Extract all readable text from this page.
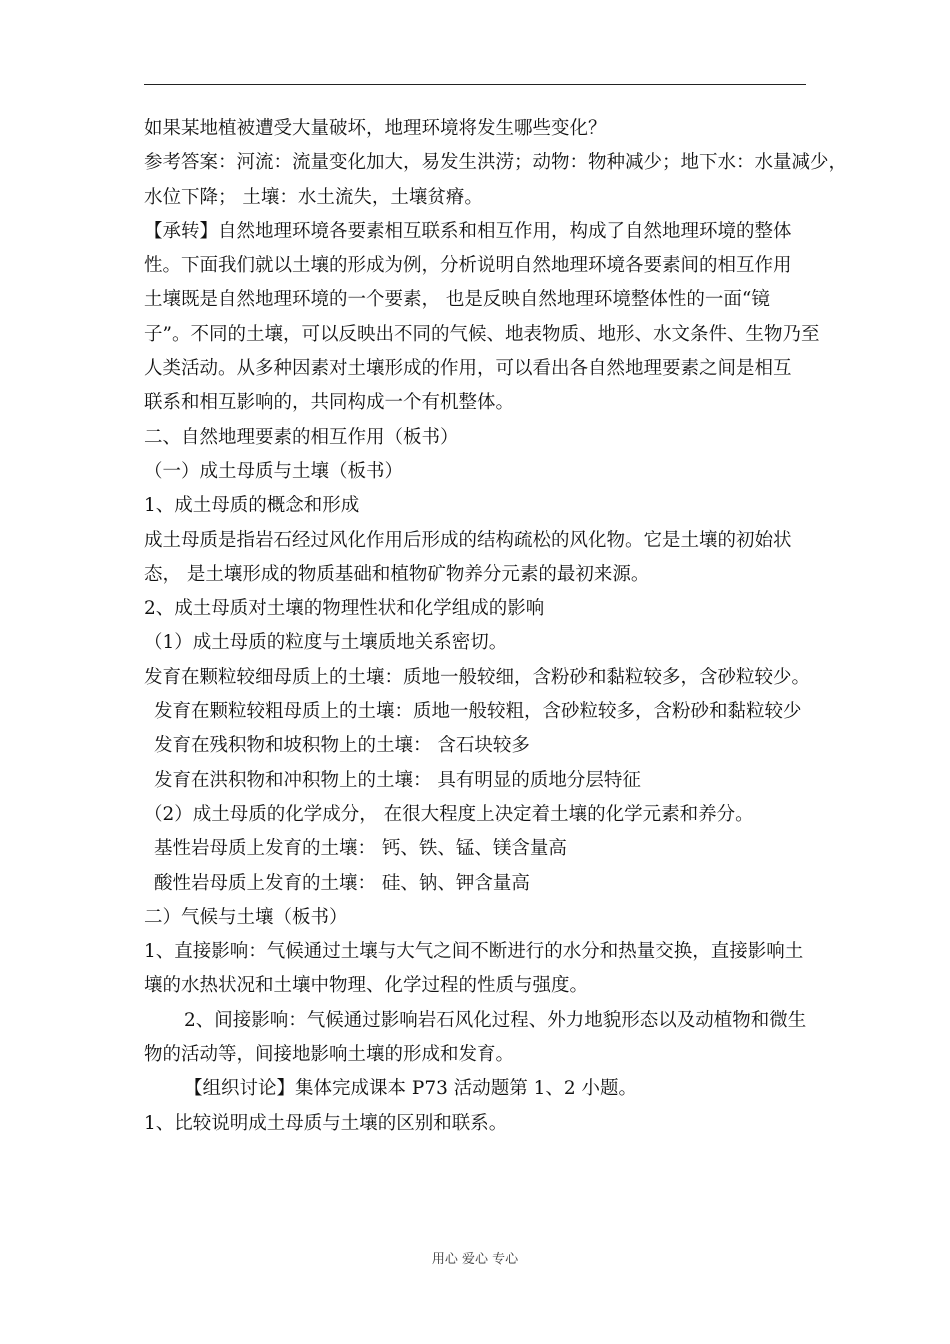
如果某地植被遭受大量破坏，地理环境将发生哪些变化？
参考答案：河流：流量变化加大，易发生洪涝；动物：物种减少；地下水：水量减少，
水位下降； 土壤：水土流失，土壤贫瘠。
【承转】自然地理环境各要素相互联系和相互作用，构成了自然地理环境的整体
性。下面我们就以土壤的形成为例，分析说明自然地理环境各要素间的相互作用
土壤既是自然地理环境的一个要素， 也是反映自然地理环境整体性的一面“镜
子”。不同的土壤，可以反映出不同的气候、地表物质、地形、水文条件、生物乃至
人类活动。从多种因素对土壤形成的作用，可以看出各自然地理要素之间是相互
联系和相互影响的，共同构成一个有机整体。
二、自然地理要素的相互作用（板书）
（一）成土母质与土壤（板书）
1、成土母质的概念和形成
成土母质是指岩石经过风化作用后形成的结构疏松的风化物。它是土壤的初始状
态， 是土壤形成的物质基础和植物矿物养分元素的最初来源。
2、成土母质对土壤的物理性状和化学组成的影响
（1）成土母质的粒度与土壤质地关系密切。
发育在颗粒较细母质上的土壤：质地一般较细，含粉砂和黏粒较多，含砂粒较少。
发育在颗粒较粗母质上的土壤：质地一般较粗，含砂粒较多，含粉砂和黏粒较少
发育在残积物和坡积物上的土壤： 含石块较多
发育在洪积物和冲积物上的土壤： 具有明显的质地分层特征
（2）成土母质的化学成分， 在很大程度上决定着土壤的化学元素和养分。
基性岩母质上发育的土壤： 钙、铁、锰、镁含量高
酸性岩母质上发育的土壤： 硅、钠、钾含量高
二）气候与土壤（板书）
1、直接影响：气候通过土壤与大气之间不断进行的水分和热量交换，直接影响土
壤的水热状况和土壤中物理、化学过程的性质与强度。
2、间接影响：气候通过影响岩石风化过程、外力地貌形态以及动植物和微生
物的活动等，间接地影响土壤的形成和发育。
【组织讨论】集体完成课本 P73 活动题第 1、2 小题。
1、比较说明成土母质与土壤的区别和联系。
用心 爱心 专心
